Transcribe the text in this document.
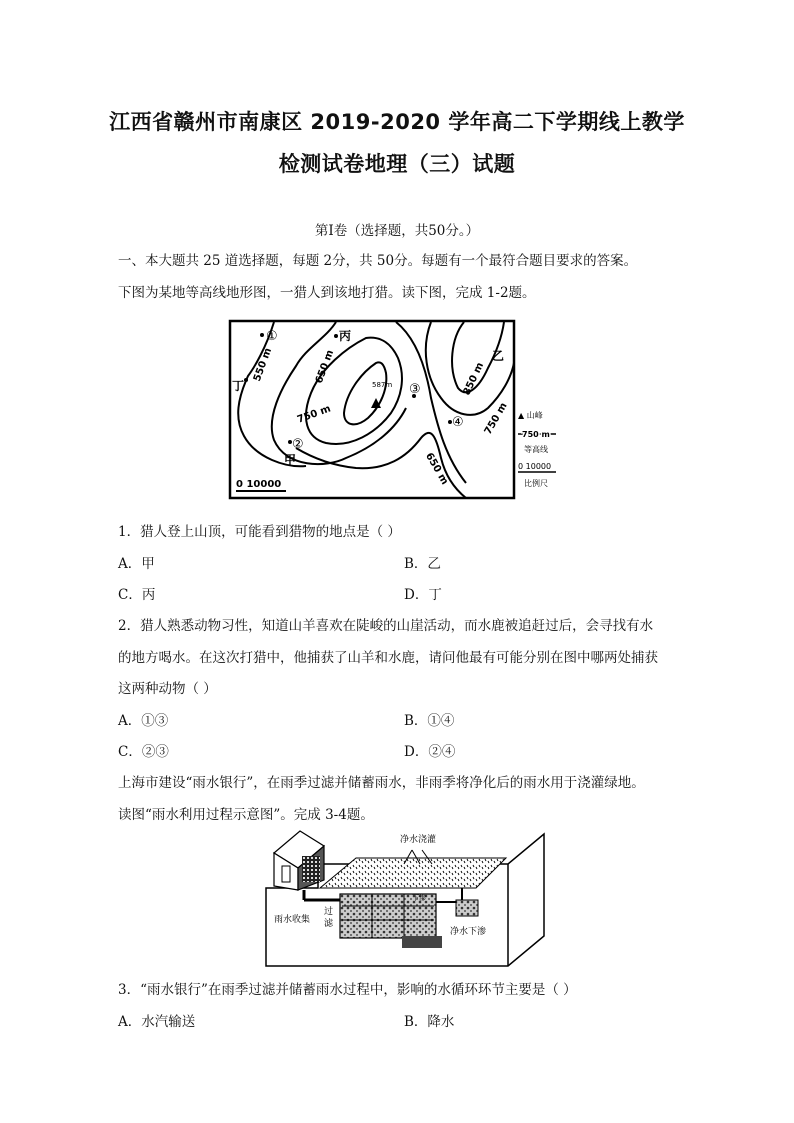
江西省赣州市南康区 2019-2020 学年高二下学期线上教学
检测试卷地理（三）试题
第Ⅰ卷（选择题，共50分。）
一、本大题共 25 道选择题，每题 2分，共 50分。每题有一个最符合题目要求的答案。
下图为某地等高线地形图，一猎人到该地打猎。读下图，完成 1-2题。
550 m	650 m
750 m
850 m
750 m
650 m
587m
①
②
③
④
甲
乙
丙
丁
0 10000
▲ 山峰
750 m
等高线
0 10000
比例尺
1．猎人登上山顶，可能看到猎物的地点是（ ）
A．甲	B．乙
C．丙	D．丁
2．猎人熟悉动物习性，知道山羊喜欢在陡峻的山崖活动，而水鹿被追赶过后，会寻找有水
的地方喝水。在这次打猎中，他捕获了山羊和水鹿，请问他最有可能分别在图中哪两处捕获
这两种动物（ ）
A．①③	B．①④
C．②③	D．②④
上海市建设“雨水银行”，在雨季过滤并储蓄雨水，非雨季将净化后的雨水用于浇灌绿地。
读图“雨水利用过程示意图”。完成 3-4题。
净水浇灌
下渗
雨水收集
过
滤
净水下渗
3．“雨水银行”在雨季过滤并储蓄雨水过程中，影响的水循环环节主要是（ ）
A．水汽输送	B．降水
